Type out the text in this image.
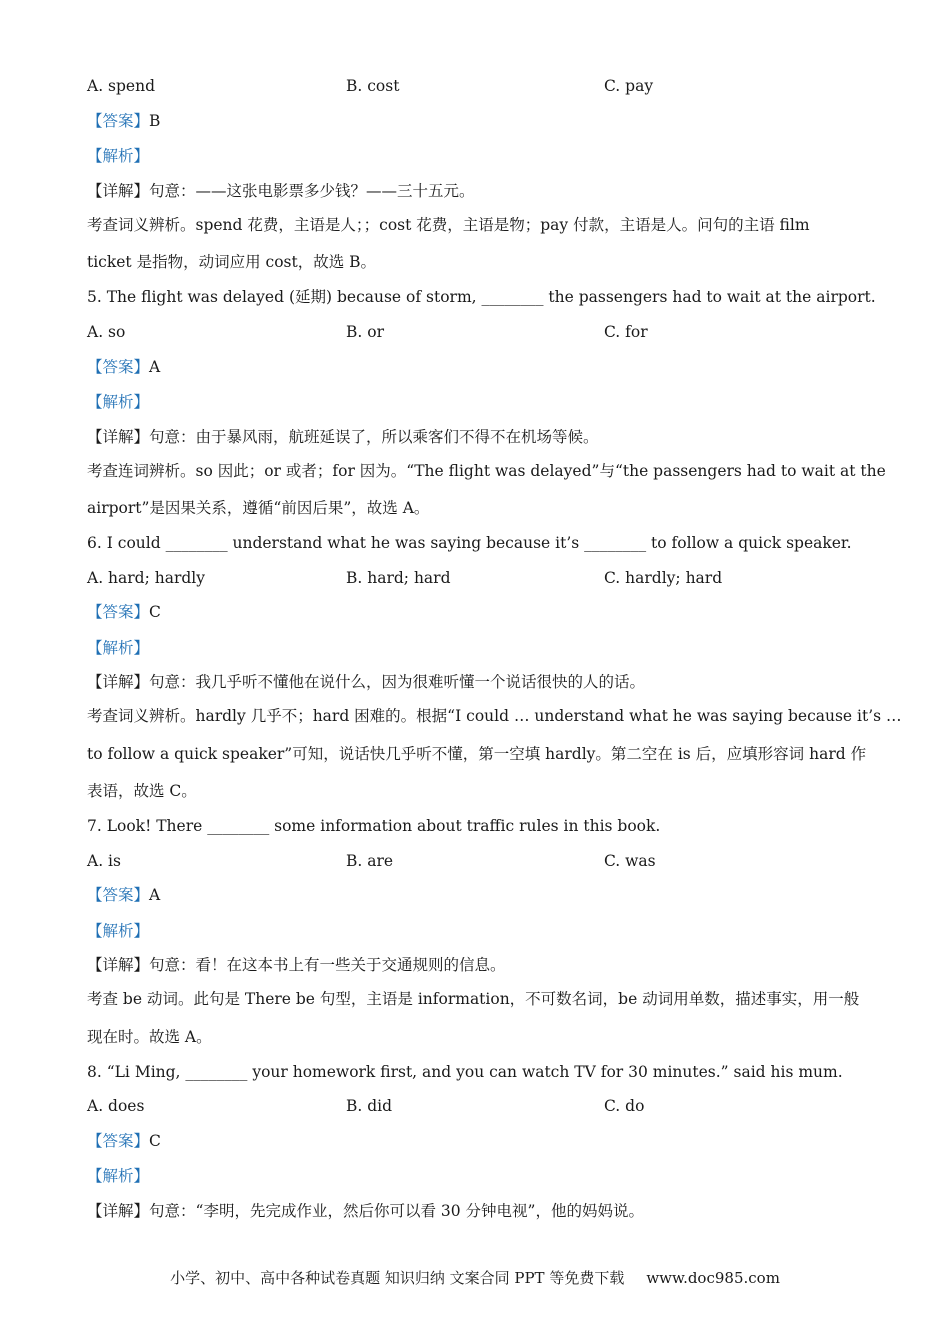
A. spend	B. cost	C. pay
【答案】B
【解析】
【详解】句意：——这张电影票多少钱？——三十五元。
考查词义辨析。spend 花费，主语是人；；cost 花费，主语是物；pay 付款，主语是人。问句的主语 film
ticket 是指物，动词应用 cost，故选 B。
5. The flight was delayed (延期) because of storm, ________ the passengers had to wait at the airport.
A. so	B. or	C. for
【答案】A
【解析】
【详解】句意：由于暴风雨，航班延误了，所以乘客们不得不在机场等候。
考查连词辨析。so 因此；or 或者；for 因为。“The flight was delayed”与“the passengers had to wait at the
airport”是因果关系，遵循“前因后果”，故选 A。
6. I could ________ understand what he was saying because it’s ________ to follow a quick speaker.
A. hard; hardly	B. hard; hard	C. hardly; hard
【答案】C
【解析】
【详解】句意：我几乎听不懂他在说什么，因为很难听懂一个说话很快的人的话。
考查词义辨析。hardly 几乎不；hard 困难的。根据“I could … understand what he was saying because it’s …
to follow a quick speaker”可知，说话快几乎听不懂，第一空填 hardly。第二空在 is 后，应填形容词 hard 作
表语，故选 C。
7. Look! There ________ some information about traffic rules in this book.
A. is	B. are	C. was
【答案】A
【解析】
【详解】句意：看！在这本书上有一些关于交通规则的信息。
考查 be 动词。此句是 There be 句型，主语是 information，不可数名词，be 动词用单数，描述事实，用一般
现在时。故选 A。
8. “Li Ming, ________ your homework first, and you can watch TV for 30 minutes.” said his mum.
A. does	B. did	C. do
【答案】C
【解析】
【详解】句意：“李明，先完成作业，然后你可以看 30 分钟电视”，他的妈妈说。
小学、初中、高中各种试卷真题 知识归纳 文案合同 PPT 等免费下载 www.doc985.com
